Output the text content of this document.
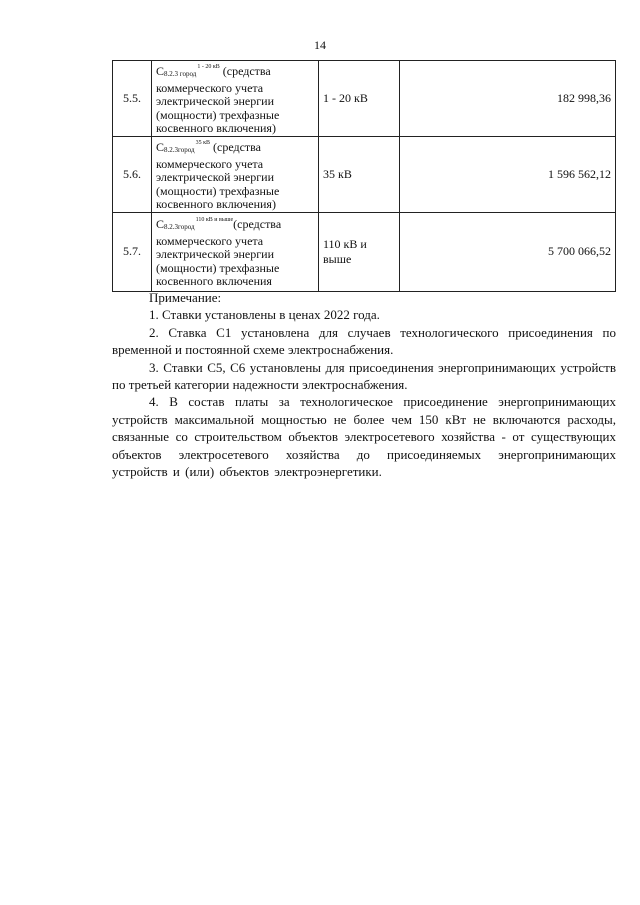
14
5.5.	$С_{8.2.3 город}^{1 - 20 кВ}$ (средства коммерческого учета электрической энергии (мощности) трехфазные косвенного включения)	1 - 20 кВ	182 998,36
5.6.	$С_{8.2.3город}^{35 кВ}$ (средства коммерческого учета электрической энергии (мощности) трехфазные косвенного включения)	35 кВ	1 596 562,12
5.7.	$С_{8.2.3город}^{110 кВ и выше}(средства$ коммерческого учета электрической энергии (мощности) трехфазные косвенного включения	110 кВ и выше	5 700 066,52

Примечание:

1. Ставки установлены в ценах 2022 года.

2. Ставка С1 установлена для случаев технологического присоединения по временной и постоянной схеме электроснабжения.

3. Ставки С5, С6 установлены для присоединения энергопринимающих устройств по третьей категории надежности электроснабжения.

4. В состав платы за технологическое присоединение энергопринимающих устройств максимальной мощностью не более чем 150 кВт не включаются расходы, связанные со строительством объектов электросетевого хозяйства - от существующих объектов электросетевого хозяйства до присоединяемых энергопринимающих устройств и (или) объектов электроэнергетики.
